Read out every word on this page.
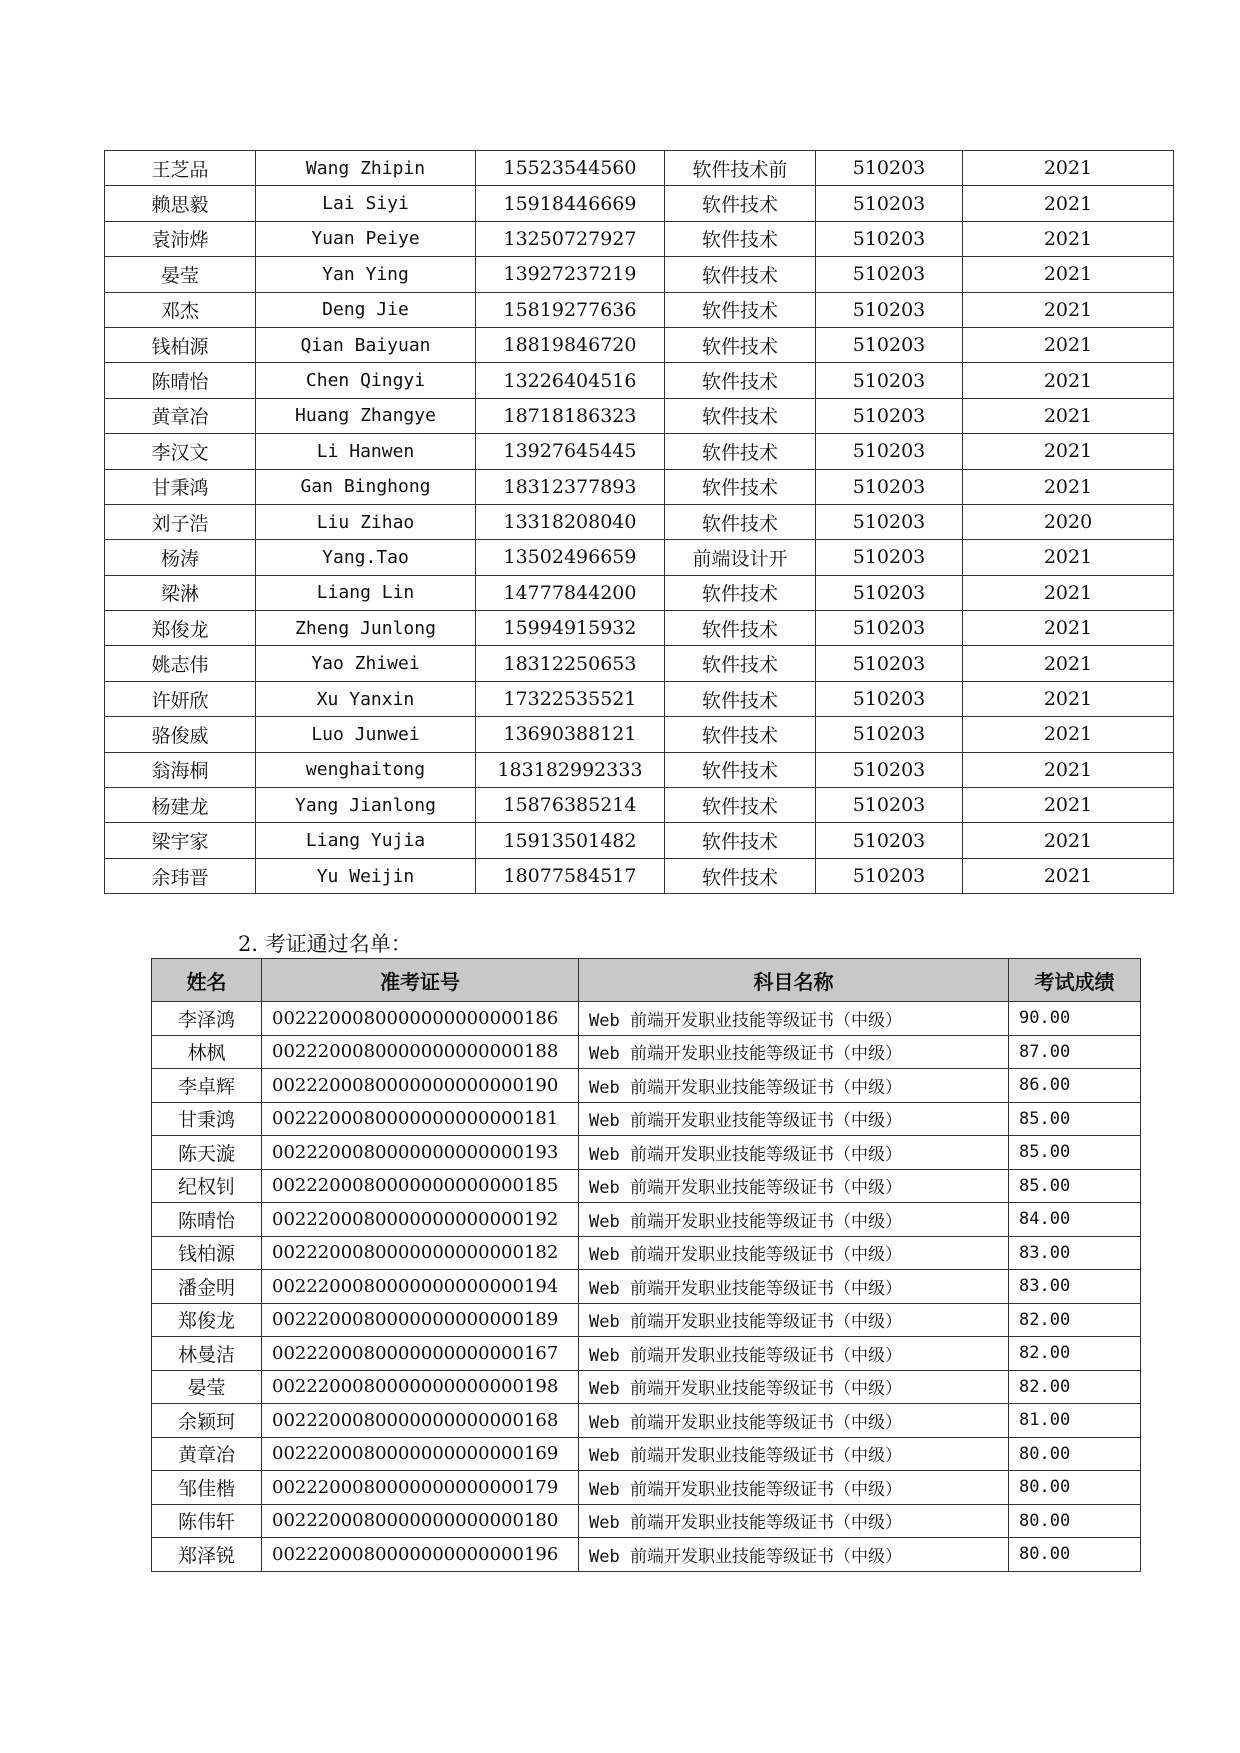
王芝品	Wang Zhipin	15523544560	软件技术前	510203	2021
赖思毅	Lai Siyi	15918446669	软件技术	510203	2021
袁沛烨	Yuan Peiye	13250727927	软件技术	510203	2021
晏莹	Yan Ying	13927237219	软件技术	510203	2021
邓杰	Deng Jie	15819277636	软件技术	510203	2021
钱柏源	Qian Baiyuan	18819846720	软件技术	510203	2021
陈晴怡	Chen Qingyi	13226404516	软件技术	510203	2021
黄章冶	Huang Zhangye	18718186323	软件技术	510203	2021
李汉文	Li Hanwen	13927645445	软件技术	510203	2021
甘秉鸿	Gan Binghong	18312377893	软件技术	510203	2021
刘子浩	Liu Zihao	13318208040	软件技术	510203	2020
杨涛	Yang.Tao	13502496659	前端设计开	510203	2021
梁淋	Liang Lin	14777844200	软件技术	510203	2021
郑俊龙	Zheng Junlong	15994915932	软件技术	510203	2021
姚志伟	Yao Zhiwei	18312250653	软件技术	510203	2021
许妍欣	Xu Yanxin	17322535521	软件技术	510203	2021
骆俊威	Luo Junwei	13690388121	软件技术	510203	2021
翁海桐	wenghaitong	183182992333	软件技术	510203	2021
杨建龙	Yang Jianlong	15876385214	软件技术	510203	2021
梁宇家	Liang Yujia	15913501482	软件技术	510203	2021
余玮晋	Yu Weijin	18077584517	软件技术	510203	2021
2. 考证通过名单：
姓名	准考证号	科目名称	考试成绩
李泽鸿	0022200080000000000000186	Web 前端开发职业技能等级证书（中级）	90.00
林枫	0022200080000000000000188	Web 前端开发职业技能等级证书（中级）	87.00
李卓辉	0022200080000000000000190	Web 前端开发职业技能等级证书（中级）	86.00
甘秉鸿	0022200080000000000000181	Web 前端开发职业技能等级证书（中级）	85.00
陈天漩	0022200080000000000000193	Web 前端开发职业技能等级证书（中级）	85.00
纪权钊	0022200080000000000000185	Web 前端开发职业技能等级证书（中级）	85.00
陈晴怡	0022200080000000000000192	Web 前端开发职业技能等级证书（中级）	84.00
钱柏源	0022200080000000000000182	Web 前端开发职业技能等级证书（中级）	83.00
潘金明	0022200080000000000000194	Web 前端开发职业技能等级证书（中级）	83.00
郑俊龙	0022200080000000000000189	Web 前端开发职业技能等级证书（中级）	82.00
林曼洁	0022200080000000000000167	Web 前端开发职业技能等级证书（中级）	82.00
晏莹	0022200080000000000000198	Web 前端开发职业技能等级证书（中级）	82.00
余颖珂	0022200080000000000000168	Web 前端开发职业技能等级证书（中级）	81.00
黄章冶	0022200080000000000000169	Web 前端开发职业技能等级证书（中级）	80.00
邹佳楷	0022200080000000000000179	Web 前端开发职业技能等级证书（中级）	80.00
陈伟轩	0022200080000000000000180	Web 前端开发职业技能等级证书（中级）	80.00
郑泽锐	0022200080000000000000196	Web 前端开发职业技能等级证书（中级）	80.00
